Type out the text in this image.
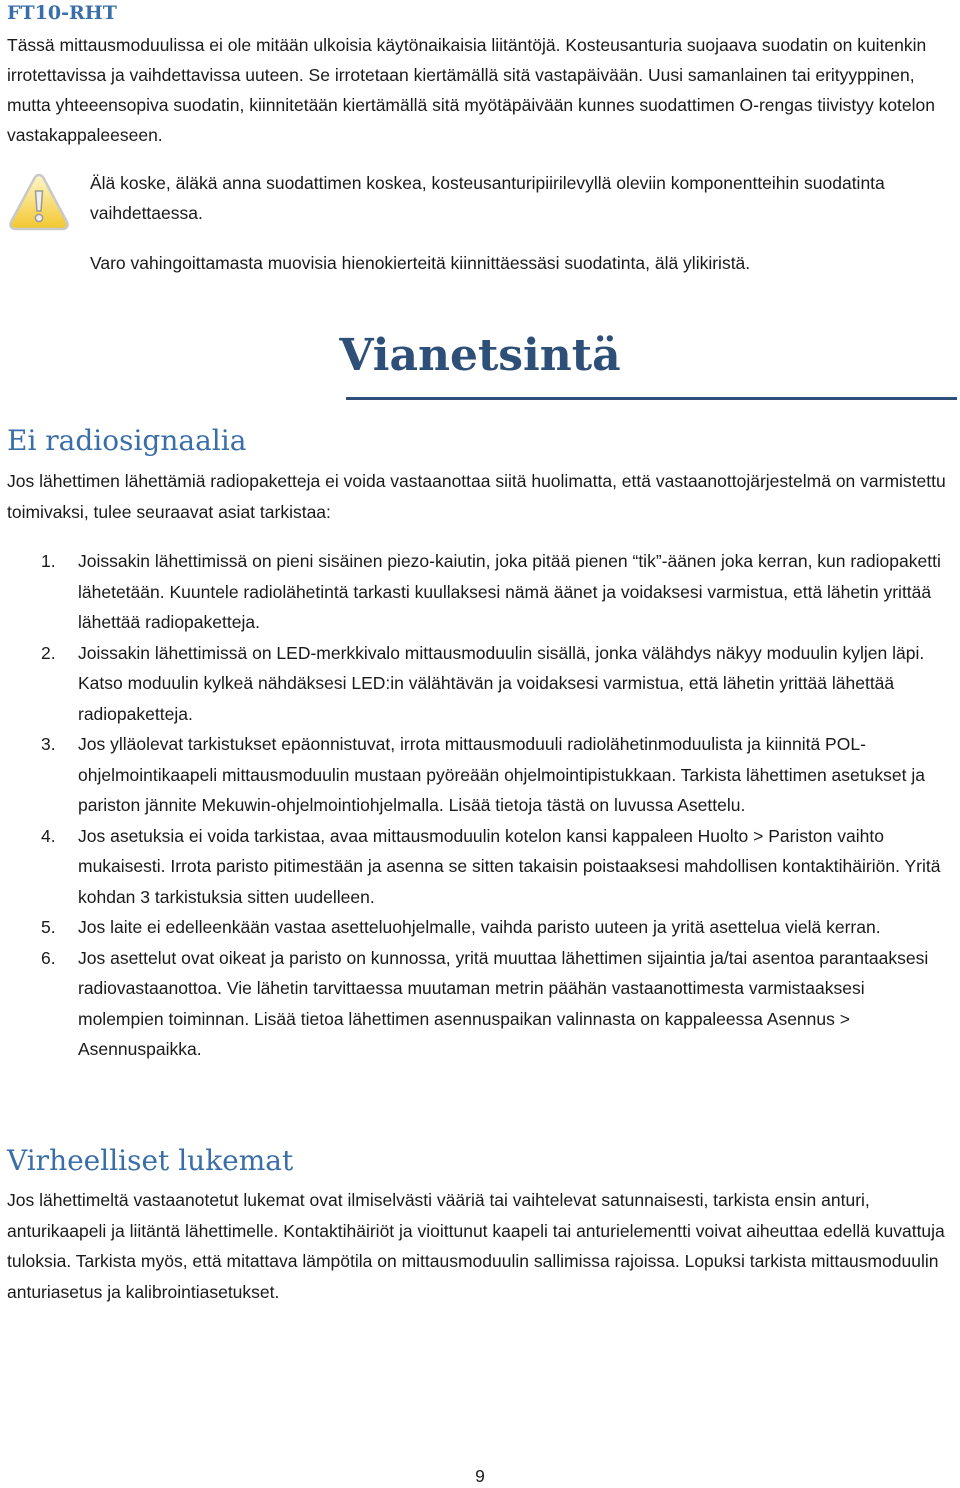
FT10-RHT

Tässä mittausmoduulissa ei ole mitään ulkoisia käytönaikaisia liitäntöjä. Kosteusanturia suojaava suodatin on kuitenkin irrotettavissa ja vaihdettavissa uuteen. Se irrotetaan kiertämällä sitä vastapäivään. Uusi samanlainen tai erityyppinen, mutta yhteeensopiva suodatin, kiinnitetään kiertämällä sitä myötäpäivään kunnes suodattimen O-rengas tiivistyy kotelon vastakappaleeseen.

Älä koske, äläkä anna suodattimen koskea, kosteusanturipiirilevyllä oleviin komponentteihin suodatinta vaihdettaessa.

Varo vahingoittamasta muovisia hienokierteitä kiinnittäessäsi suodatinta, älä ylikiristä.

Vianetsintä
Ei radiosignaalia

Jos lähettimen lähettämiä radiopaketteja ei voida vastaanottaa siitä huolimatta, että vastaanottojärjestelmä on varmistettu toimivaksi, tulee seuraavat asiat tarkistaa:

1. Joissakin lähettimissä on pieni sisäinen piezo-kaiutin, joka pitää pienen “tik”-äänen joka kerran, kun radiopaketti lähetetään. Kuuntele radiolähetintä tarkasti kuullaksesi nämä äänet ja voidaksesi varmistua, että lähetin yrittää lähettää radiopaketteja.
2. Joissakin lähettimissä on LED-merkkivalo mittausmoduulin sisällä, jonka välähdys näkyy moduulin kyljen läpi. Katso moduulin kylkeä nähdäksesi LED:in välähtävän ja voidaksesi varmistua, että lähetin yrittää lähettää radiopaketteja.
3. Jos ylläolevat tarkistukset epäonnistuvat, irrota mittausmoduuli radiolähetinmoduulista ja kiinnitä POL-ohjelmointikaapeli mittausmoduulin mustaan pyöreään ohjelmointipistukkaan. Tarkista lähettimen asetukset ja pariston jännite Mekuwin-ohjelmointiohjelmalla. Lisää tietoja tästä on luvussa Asettelu.
4. Jos asetuksia ei voida tarkistaa, avaa mittausmoduulin kotelon kansi kappaleen Huolto > Pariston vaihto mukaisesti. Irrota paristo pitimestään ja asenna se sitten takaisin poistaaksesi mahdollisen kontaktihäiriön. Yritä kohdan 3 tarkistuksia sitten uudelleen.
5. Jos laite ei edelleenkään vastaa asetteluohjelmalle, vaihda paristo uuteen ja yritä asettelua vielä kerran.
6. Jos asettelut ovat oikeat ja paristo on kunnossa, yritä muuttaa lähettimen sijaintia ja/tai asentoa parantaaksesi radiovastaanottoa. Vie lähetin tarvittaessa muutaman metrin päähän vastaanottimesta varmistaaksesi molempien toiminnan. Lisää tietoa lähettimen asennuspaikan valinnasta on kappaleessa Asennus > Asennuspaikka.
Virheelliset lukemat

Jos lähettimeltä vastaanotetut lukemat ovat ilmiselvästi vääriä tai vaihtelevat satunnaisesti, tarkista ensin anturi, anturikaapeli ja liitäntä lähettimelle. Kontaktihäiriöt ja vioittunut kaapeli tai anturielementti voivat aiheuttaa edellä kuvattuja tuloksia. Tarkista myös, että mitattava lämpötila on mittausmoduulin sallimissa rajoissa. Lopuksi tarkista mittausmoduulin anturiasetus ja kalibrointiasetukset.

9
